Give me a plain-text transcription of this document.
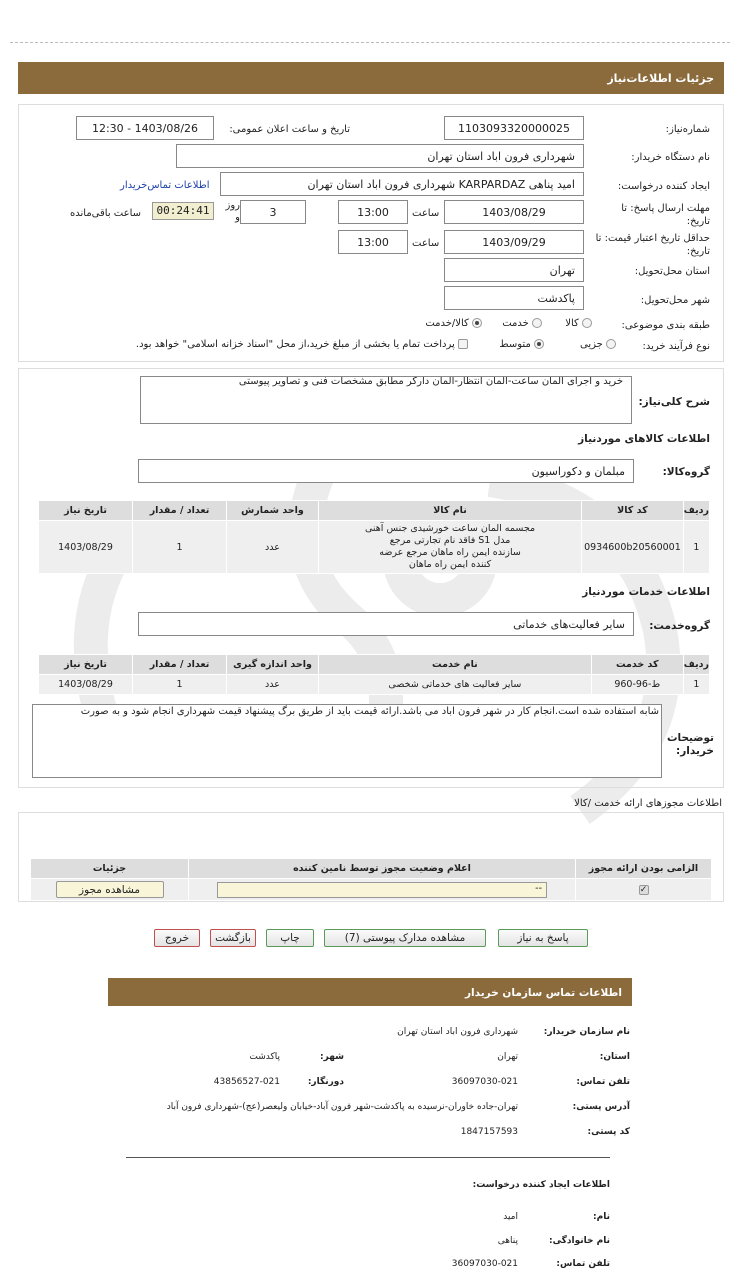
جزئیات اطلاعات‌نیاز
شماره‌نیاز:
1103093320000025
تاریخ و ساعت اعلان عمومی:
1403/08/26 - 12:30
نام دستگاه خریدار:
شهرداری فرون اباد استان تهران
ایجاد کننده درخواست:
امید پناهی KARPARDAZ شهرداری فرون اباد استان تهران
اطلاعات تماس‌خریدار
مهلت ارسال پاسخ: تا تاریخ:
1403/08/29
ساعت
13:00
3
روز و
00:24:41
ساعت باقی‌مانده
حداقل تاریخ اعتبار قیمت: تا تاریخ:
1403/09/29
ساعت
13:00
استان محل‌تحویل:
تهران
شهر محل‌تحویل:
پاکدشت
طبقه بندی موضوعی:
کالا
خدمت
کالا/خدمت
نوع فرآیند خرید:
جزیی
متوسط
پرداخت تمام یا بخشی از مبلغ خرید،از محل "اسناد خزانه اسلامی" خواهد بود.
شرح کلی‌نیاز:
خرید و اجرای المان ساعت-المان انتظار-المان دارکر مطابق مشخصات فنی و تصاویر پیوستی
اطلاعات کالاهای موردنیاز
گروه‌کالا:
مبلمان و دکوراسیون
ردیف	کد کالا	نام کالا	واحد شمارش	تعداد / مقدار	تاریخ نیاز
1	0934600b20560001	مجسمه المان ساعت خورشیدی جنس آهنی
مدل S1 فاقد نام تجارتی مرجع
سازنده ایمن راه ماهان مرجع عرضه
کننده ایمن راه ماهان	عدد	1	1403/08/29
اطلاعات خدمات موردنیاز
گروه‌خدمت:
سایر فعالیت‌های خدماتی
ردیف	کد خدمت	نام خدمت	واحد اندازه گیری	تعداد / مقدار	تاریخ نیاز
1	ط-96-960	سایر فعالیت های خدماتی شخصی	عدد	1	1403/08/29
توضیحات خریدار:
شابه استفاده شده است.انجام کار در شهر فرون اباد می باشد.ارائه قیمت باید از طریق برگ پیشنهاد قیمت شهرداری انجام شود و به صورت
اطلاعات مجوزهای ارائه خدمت /کالا
الزامی بودن ارائه مجوز	اعلام وضعیت مجوز توسط نامین کننده	جزئیات
✓	--	مشاهده مجوز
پاسخ به نیاز
مشاهده مدارک پیوستی (7)
چاپ
بازگشت
خروج
اطلاعات تماس سازمان خریدار
نام سازمان خریدار:
شهرداری فرون اباد استان تهران
استان:
تهران
شهر:
پاکدشت
تلفن تماس:
36097030-021
دورنگار:
43856527-021
آدرس پستی:
تهران-جاده خاوران-نرسیده به پاکدشت-شهر فرون آباد-خیابان ولیعصر(عج)-شهرداری فرون آباد
کد پستی:
1847157593
اطلاعات ایجاد کننده درخواست:
نام:
امید
نام خانوادگی:
پناهی
تلفن تماس:
36097030-021
